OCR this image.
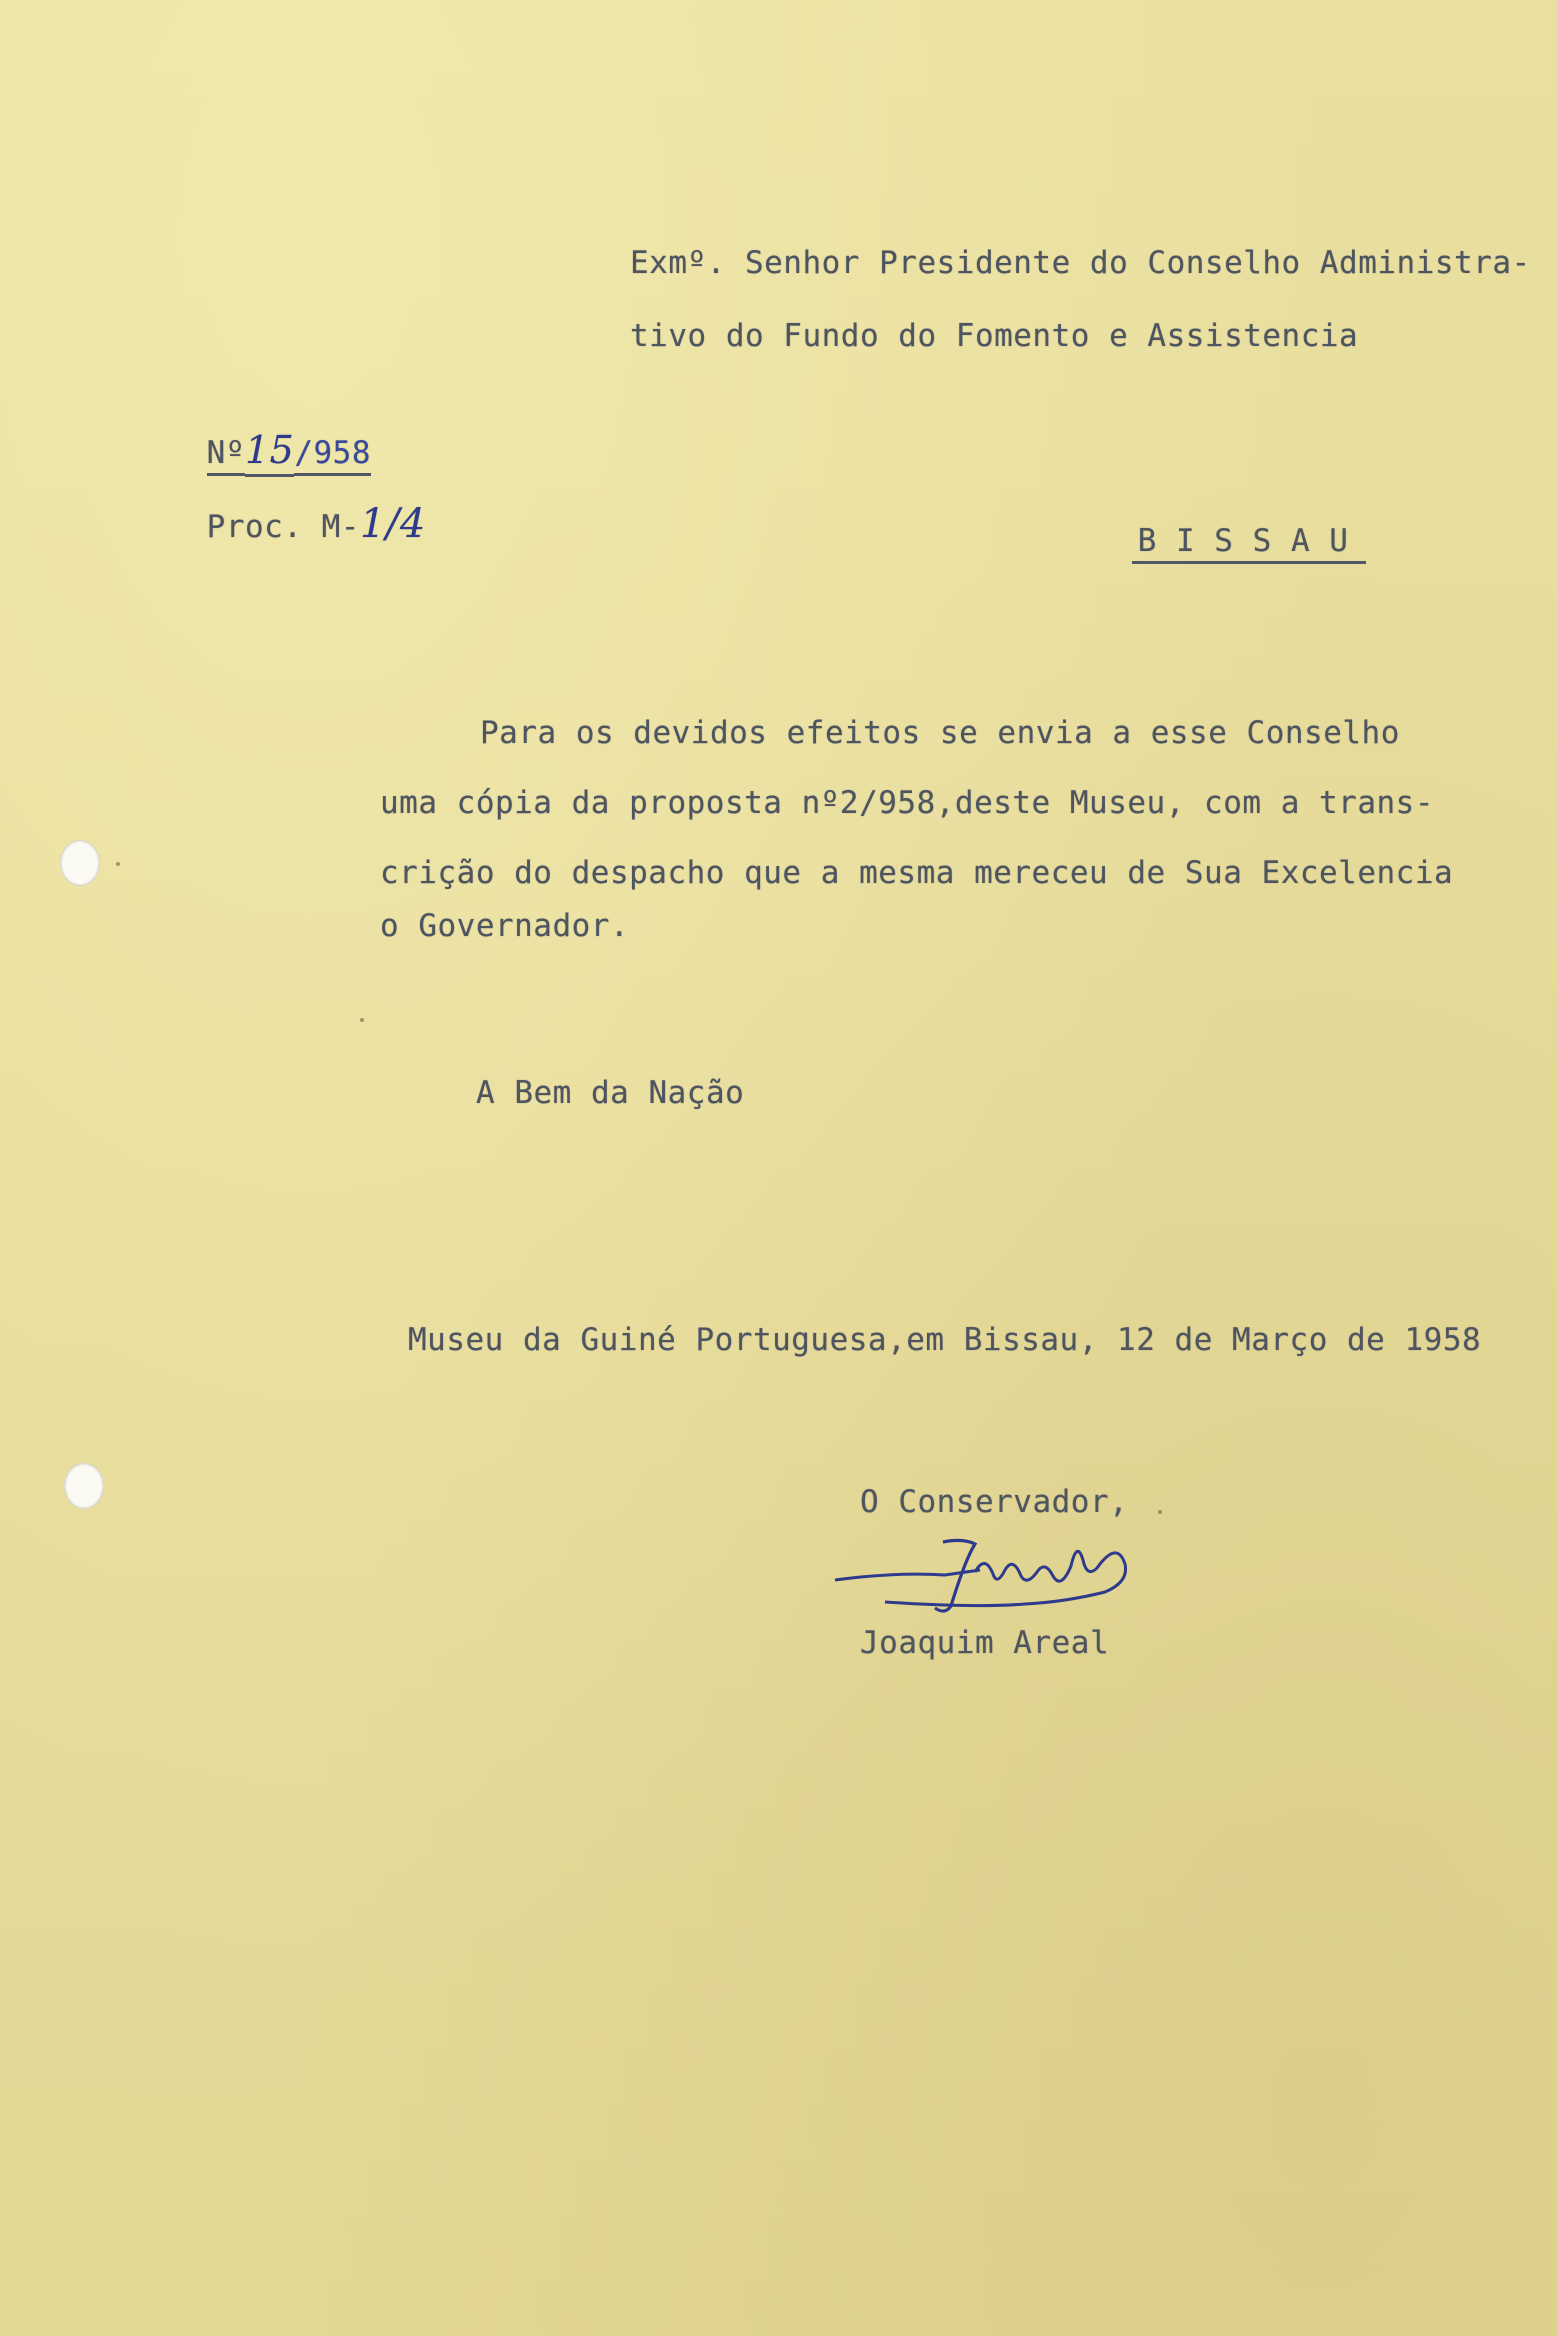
Exmº. Senhor Presidente do Conselho Administra-
tivo do Fundo do Fomento e Assistencia

Nº15/958

Proc. M-1/4
	B I S S A U

Para os devidos efeitos se envia a esse Conselho
uma cópia da proposta nº2/958,deste Museu, com a trans-
crição do despacho que a mesma mereceu de Sua Excelencia
o Governador.
A Bem da Nação
Museu da Guiné Portuguesa,em Bissau, 12 de Março de 1958
O Conservador,
Joaquim Areal
